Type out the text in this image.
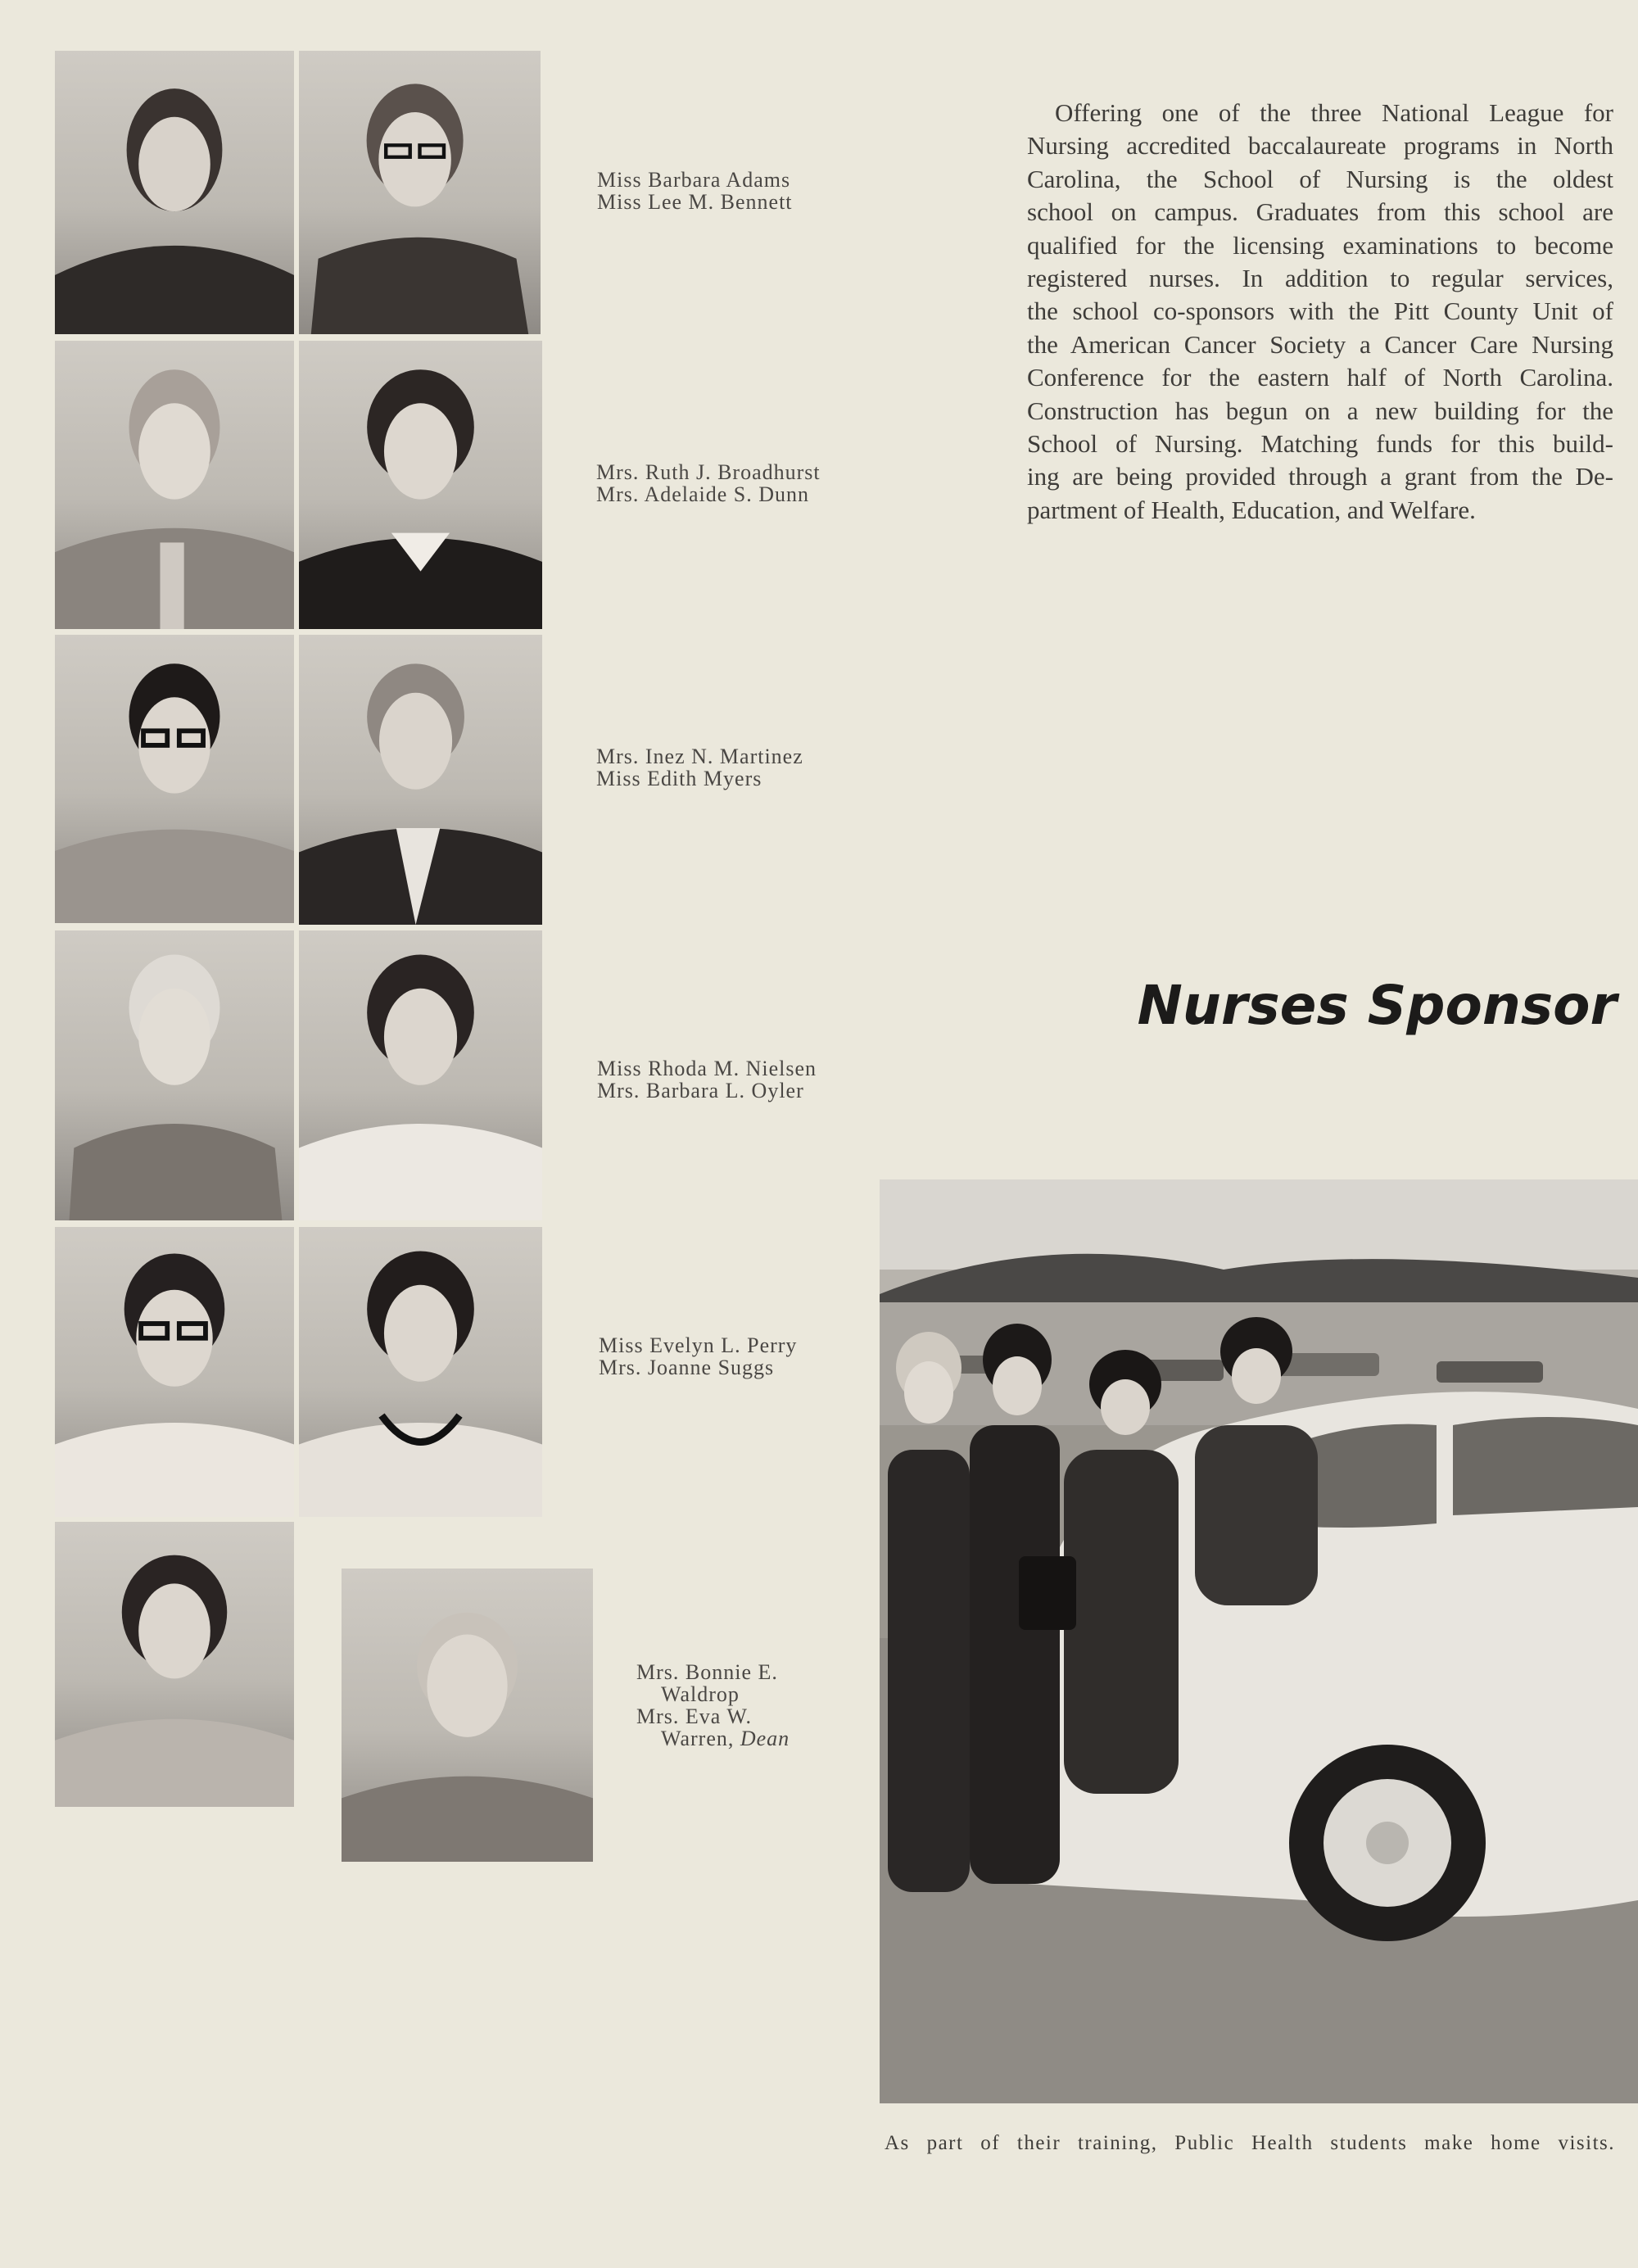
Miss Barbara Adams
Miss Lee M. Bennett
Mrs. Ruth J. Broadhurst
Mrs. Adelaide S. Dunn
Mrs. Inez N. Martinez
Miss Edith Myers
Miss Rhoda M. Nielsen
Mrs. Barbara L. Oyler
Miss Evelyn L. Perry
Mrs. Joanne Suggs
Mrs. Bonnie E.
Waldrop
Mrs. Eva W.
Warren, Dean
Offering one of the three National League for
Nursing accredited baccalaureate programs in North
Carolina, the School of Nursing is the oldest
school on campus. Graduates from this school are
qualified for the licensing examinations to become
registered nurses. In addition to regular services,
the school co-sponsors with the Pitt County Unit of
the American Cancer Society a Cancer Care Nursing
Conference for the eastern half of North Carolina.
Construction has begun on a new building for the
School of Nursing. Matching funds for this build-
ing are being provided through a grant from the De-
partment of Health, Education, and Welfare.
Nurses Sponsor
As part of their training, Public Health students make home visits.
